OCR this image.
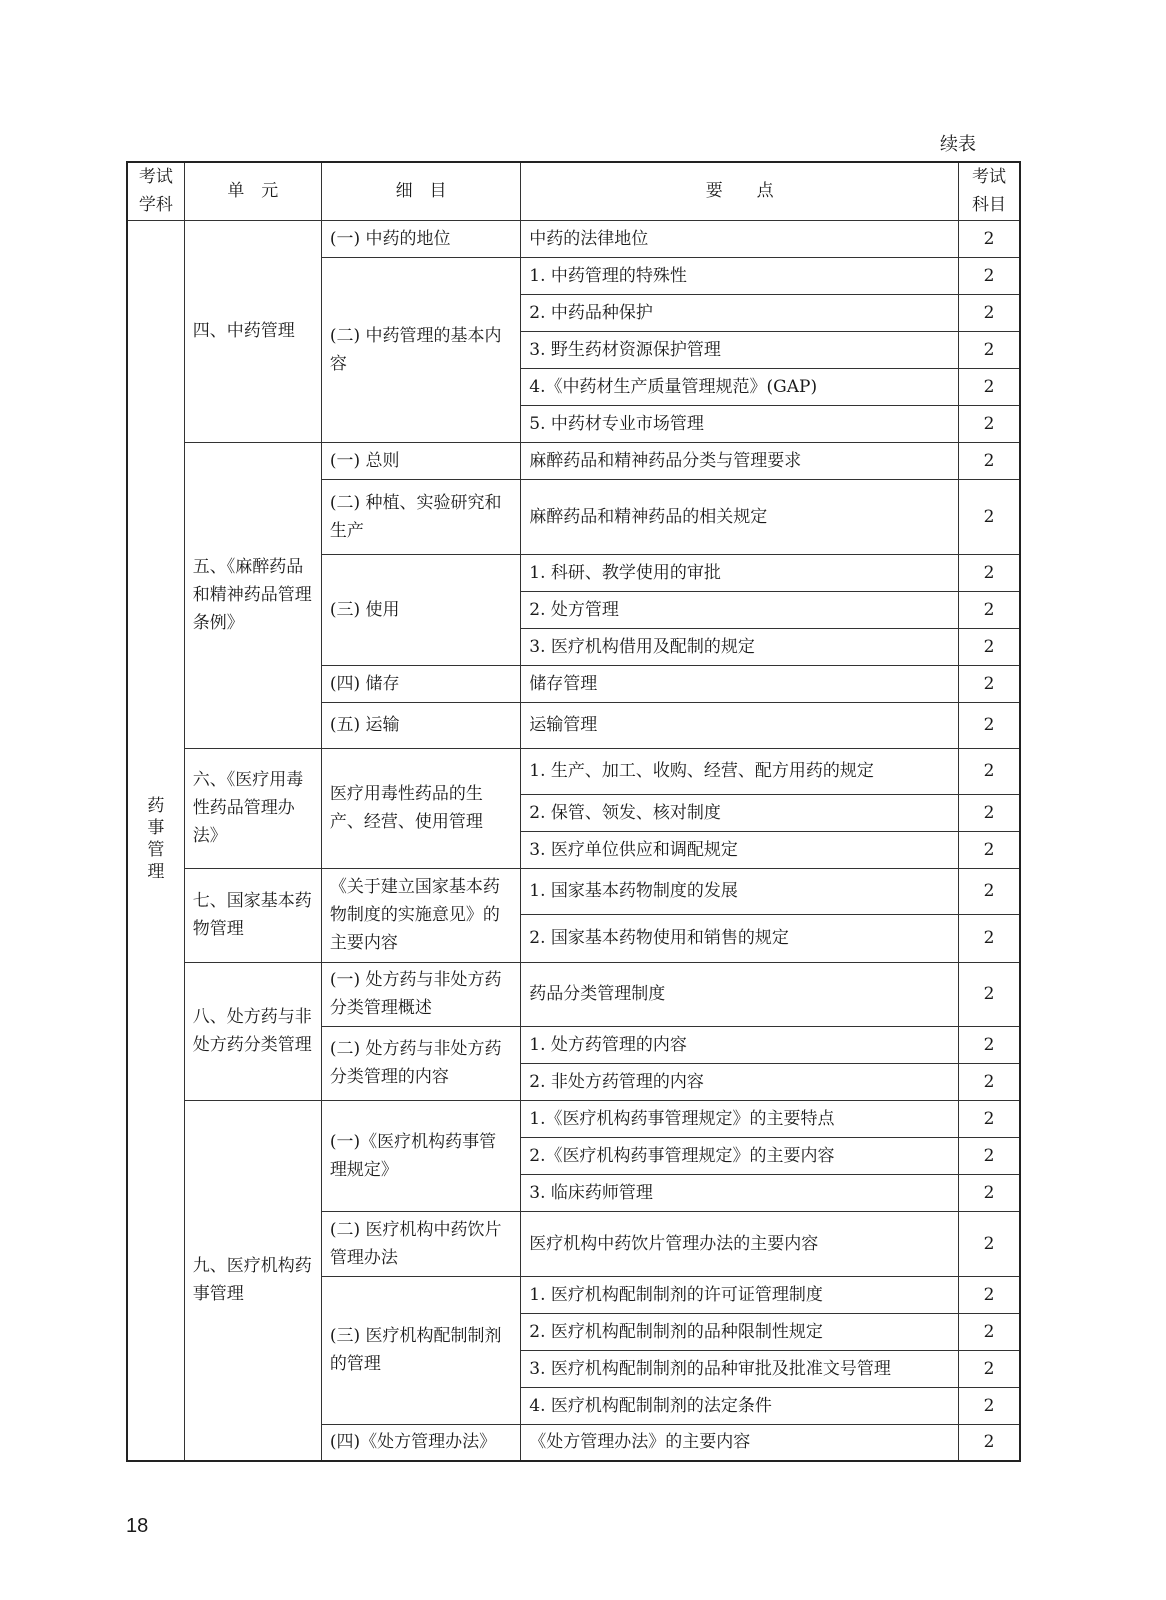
续表
考试学科	单　元	细　目	要　　点	考试科目
药事管理	四、中药管理	(一) 中药的地位	中药的法律地位	2
		(二) 中药管理的基本内容	1. 中药管理的特殊性	2
			2. 中药品种保护	2
			3. 野生药材资源保护管理	2
			4.《中药材生产质量管理规范》(GAP)	2
			5. 中药材专业市场管理	2
	五、《麻醉药品和精神药品管理条例》	(一) 总则	麻醉药品和精神药品分类与管理要求	2
		(二) 种植、实验研究和生产	麻醉药品和精神药品的相关规定	2
		(三) 使用	1. 科研、教学使用的审批	2
			2. 处方管理	2
			3. 医疗机构借用及配制的规定	2
		(四) 储存	储存管理	2
		(五) 运输	运输管理	2
	六、《医疗用毒性药品管理办法》	医疗用毒性药品的生产、经营、使用管理	1. 生产、加工、收购、经营、配方用药的规定	2
			2. 保管、领发、核对制度	2
			3. 医疗单位供应和调配规定	2
	七、国家基本药物管理	《关于建立国家基本药物制度的实施意见》的主要内容	1. 国家基本药物制度的发展	2
			2. 国家基本药物使用和销售的规定	2
	八、处方药与非处方药分类管理	(一) 处方药与非处方药分类管理概述	药品分类管理制度	2
		(二) 处方药与非处方药分类管理的内容	1. 处方药管理的内容	2
			2. 非处方药管理的内容	2
	九、医疗机构药事管理	(一)《医疗机构药事管理规定》	1.《医疗机构药事管理规定》的主要特点	2
			2.《医疗机构药事管理规定》的主要内容	2
			3. 临床药师管理	2
		(二) 医疗机构中药饮片管理办法	医疗机构中药饮片管理办法的主要内容	2
		(三) 医疗机构配制制剂的管理	1. 医疗机构配制制剂的许可证管理制度	2
			2. 医疗机构配制制剂的品种限制性规定	2
			3. 医疗机构配制制剂的品种审批及批准文号管理	2
			4. 医疗机构配制制剂的法定条件	2
		(四)《处方管理办法》	《处方管理办法》的主要内容	2
18
